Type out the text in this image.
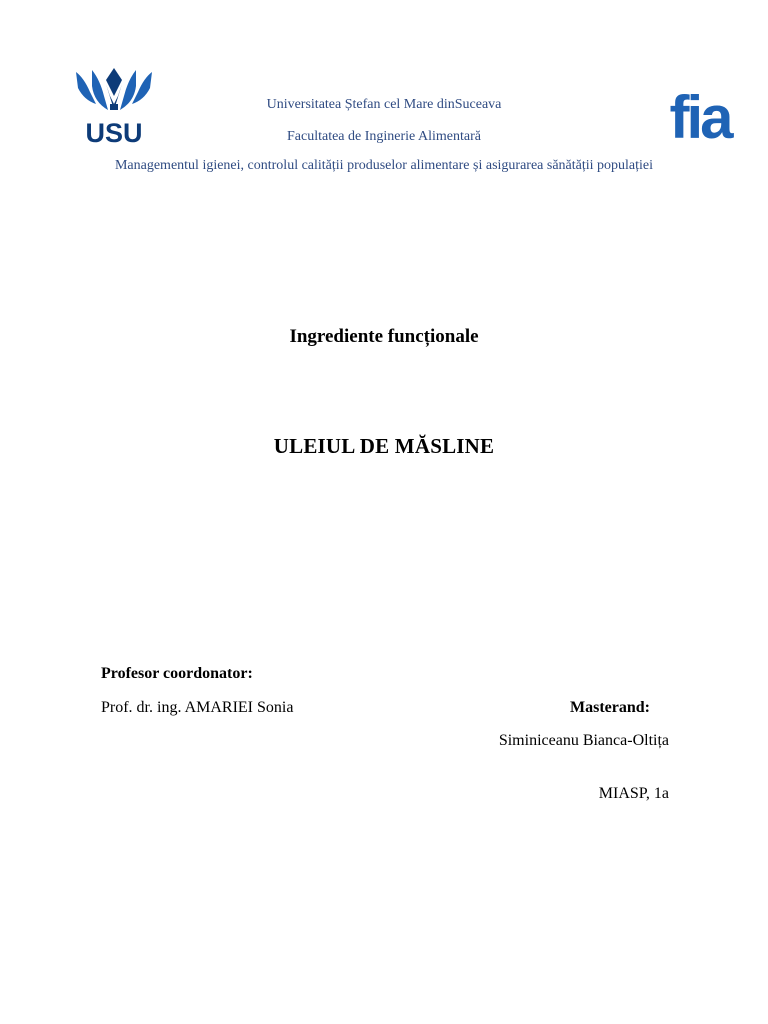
USU	fia
Universitatea Ștefan cel Mare dinSuceava
Facultatea de Inginerie Alimentară
Managementul igienei, controlul calității produselor alimentare și asigurarea sănătății populației
Ingrediente funcționale
ULEIUL DE MĂSLINE
Profesor coordonator:
Prof. dr. ing. AMARIEI Sonia	Masterand:
Siminiceanu Bianca-Oltița
MIASP, 1a
